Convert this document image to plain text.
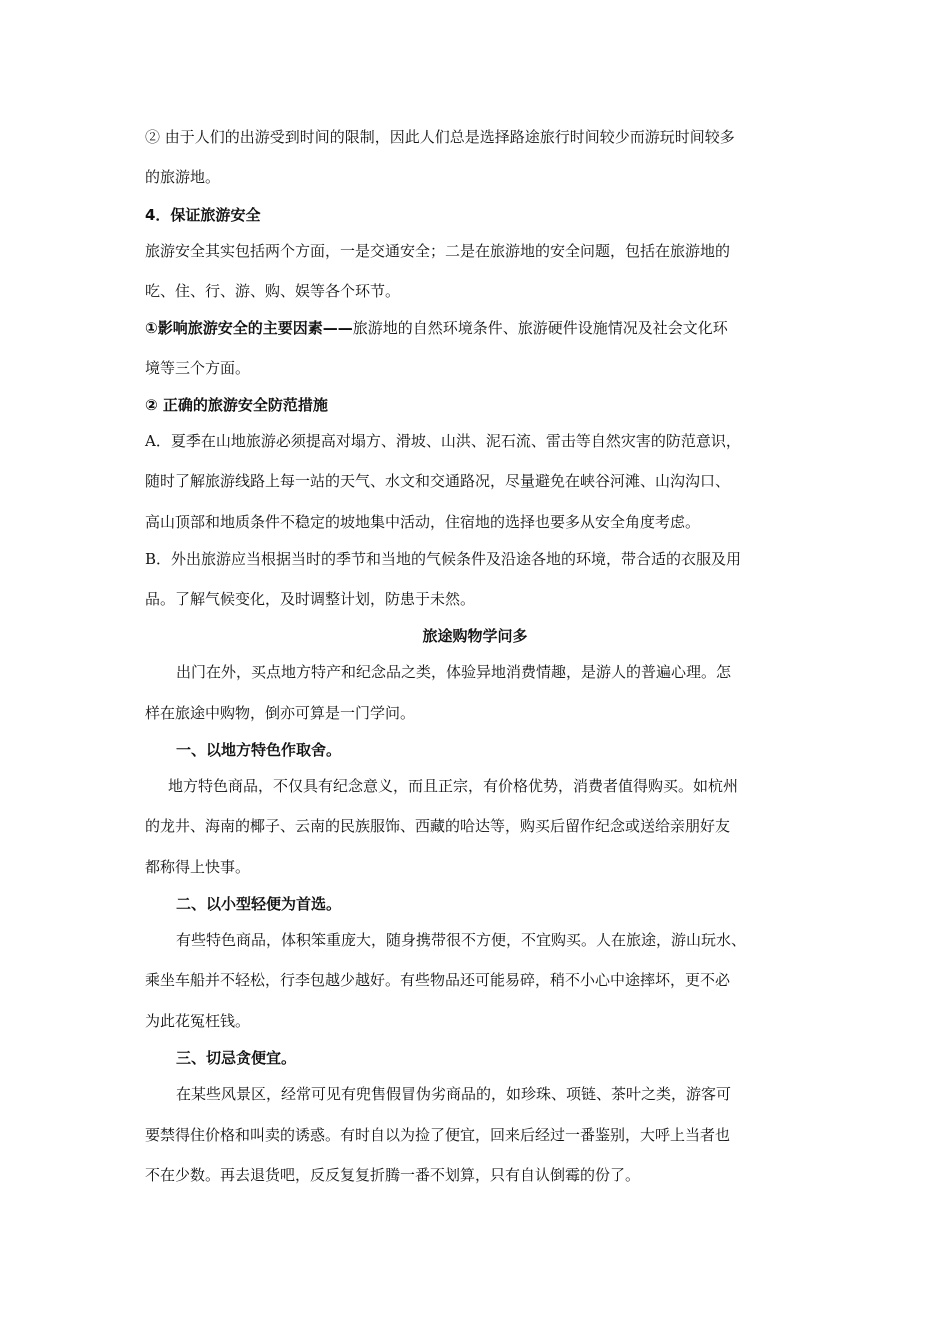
② 由于人们的出游受到时间的限制，因此人们总是选择路途旅行时间较少而游玩时间较多
的旅游地。
4．保证旅游安全
旅游安全其实包括两个方面，一是交通安全；二是在旅游地的安全问题，包括在旅游地的
吃、住、行、游、购、娱等各个环节。
①影响旅游安全的主要因素——旅游地的自然环境条件、旅游硬件设施情况及社会文化环
境等三个方面。
② 正确的旅游安全防范措施
A．夏季在山地旅游必须提高对塌方、滑坡、山洪、泥石流、雷击等自然灾害的防范意识，
随时了解旅游线路上每一站的天气、水文和交通路况，尽量避免在峡谷河滩、山沟沟口、
高山顶部和地质条件不稳定的坡地集中活动，住宿地的选择也要多从安全角度考虑。
B．外出旅游应当根据当时的季节和当地的气候条件及沿途各地的环境，带合适的衣服及用
品。了解气候变化，及时调整计划，防患于未然。
旅途购物学问多
出门在外，买点地方特产和纪念品之类，体验异地消费情趣，是游人的普遍心理。怎
样在旅途中购物，倒亦可算是一门学问。
一、以地方特色作取舍。
地方特色商品，不仅具有纪念意义，而且正宗，有价格优势，消费者值得购买。如杭州
的龙井、海南的椰子、云南的民族服饰、西藏的哈达等，购买后留作纪念或送给亲朋好友
都称得上快事。
二、以小型轻便为首选。
有些特色商品，体积笨重庞大，随身携带很不方便，不宜购买。人在旅途，游山玩水、
乘坐车船并不轻松，行李包越少越好。有些物品还可能易碎，稍不小心中途摔坏，更不必
为此花冤枉钱。
三、切忌贪便宜。
在某些风景区，经常可见有兜售假冒伪劣商品的，如珍珠、项链、茶叶之类，游客可
要禁得住价格和叫卖的诱惑。有时自以为捡了便宜，回来后经过一番鉴别，大呼上当者也
不在少数。再去退货吧，反反复复折腾一番不划算，只有自认倒霉的份了。
